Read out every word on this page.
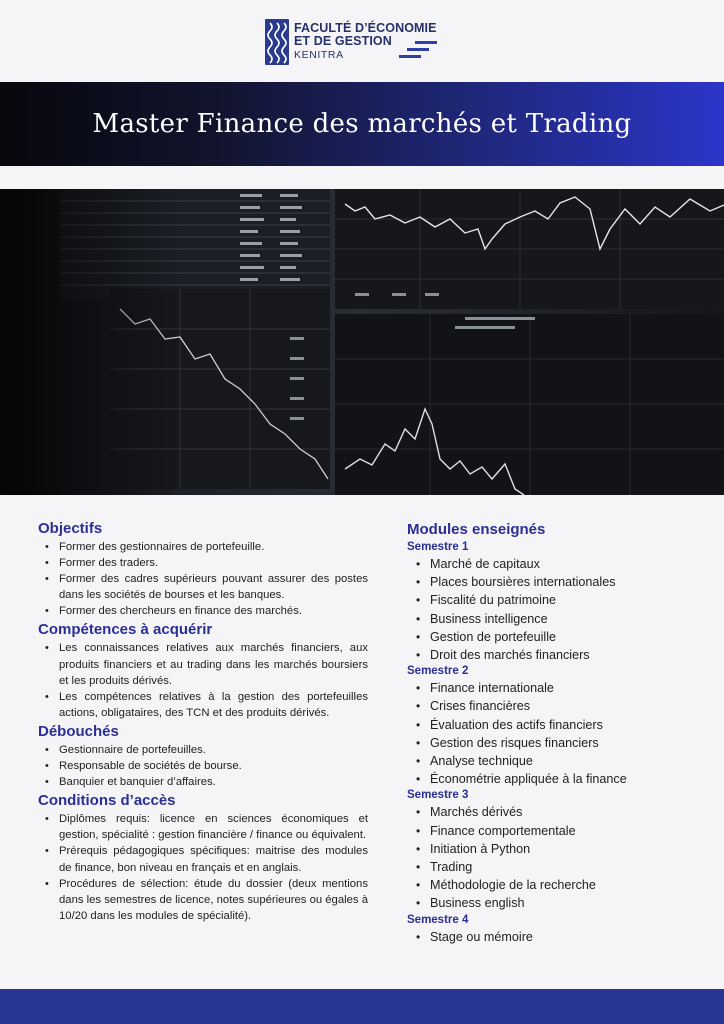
FACULTÉ D’ÉCONOMIE
ET DE GESTION
KENITRA
Master Finance des marchés et Trading
Objectifs
• Former des gestionnaires de portefeuille.
• Former des traders.
• Former des cadres supérieurs pouvant assurer des postes dans les sociétés de bourses et les banques.
• Former des chercheurs en finance des marchés.
Compétences à acquérir
• Les connaissances relatives aux marchés financiers, aux produits financiers et au trading dans les marchés boursiers et les produits dérivés.
• Les compétences relatives à la gestion des portefeuilles actions, obligataires, des TCN et des produits dérivés.
Débouchés
• Gestionnaire de portefeuilles.
• Responsable de sociétés de bourse.
• Banquier et banquier d’affaires.
Conditions d’accès
• Diplômes requis: licence en sciences économiques et gestion, spécialité : gestion financière / finance ou équivalent.
• Prérequis pédagogiques spécifiques: maitrise des modules de finance, bon niveau en français et en anglais.
• Procédures de sélection: étude du dossier (deux mentions dans les semestres de licence, notes supérieures ou égales à 10/20 dans les modules de spécialité).
Modules enseignés
Semestre 1
• Marché de capitaux
• Places boursières internationales
• Fiscalité du patrimoine
• Business intelligence
• Gestion de portefeuille
• Droit des marchés financiers
Semestre 2
• Finance internationale
• Crises financières
• Évaluation des actifs financiers
• Gestion des risques financiers
• Analyse technique
• Économétrie appliquée à la finance
Semestre 3
• Marchés dérivés
• Finance comportementale
• Initiation à Python
• Trading
• Méthodologie de la recherche
• Business english
Semestre 4
• Stage ou mémoire
